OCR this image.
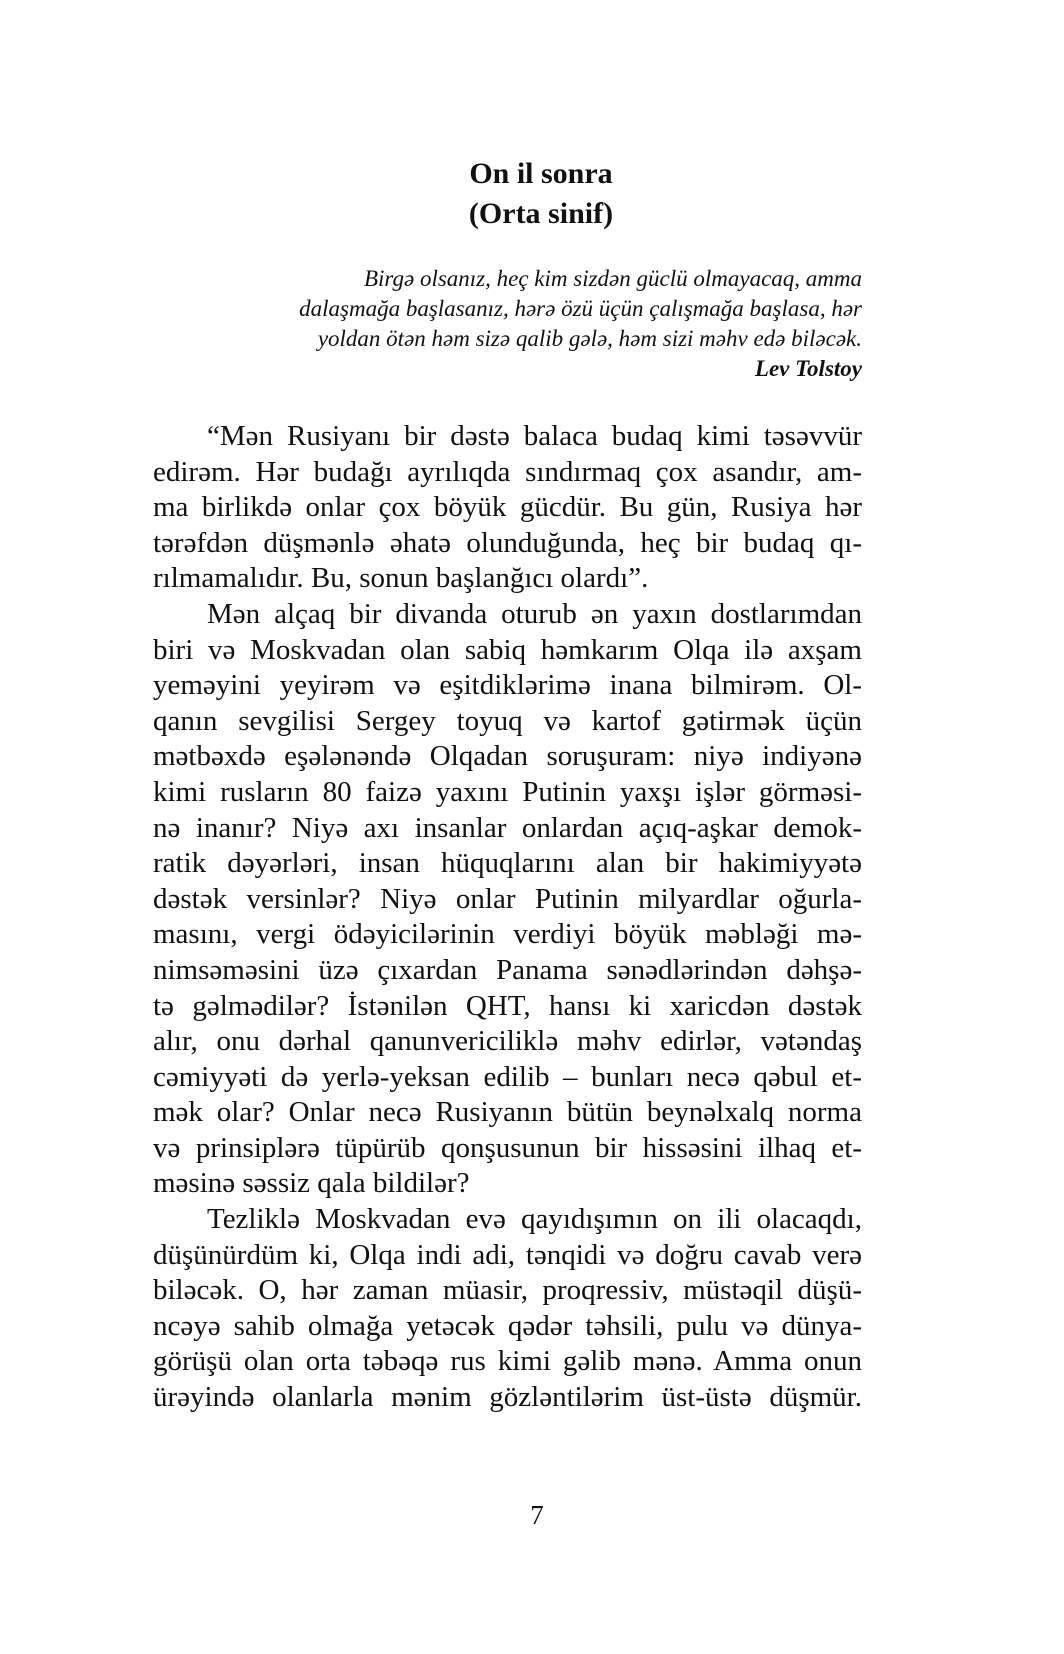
On il sonra
(Orta sinif)
Birgə olsanız, heç kim sizdən güclü olmayacaq, amma
dalaşmağa başlasanız, hərə özü üçün çalışmağa başlasa, hər
yoldan ötən həm sizə qalib gələ, həm sizi məhv edə biləcək.
Lev Tolstoy
“Mən Rusiyanı bir dəstə balaca budaq kimi təsəvvür
edirəm. Hər budağı ayrılıqda sındırmaq çox asandır, am-
ma birlikdə onlar çox böyük gücdür. Bu gün, Rusiya hər
tərəfdən düşmənlə əhatə olunduğunda, heç bir budaq qı-
rılmamalıdır. Bu, sonun başlanğıcı olardı”.
Mən alçaq bir divanda oturub ən yaxın dostlarımdan
biri və Moskvadan olan sabiq həmkarım Olqa ilə axşam
yeməyini yeyirəm və eşitdiklərimə inana bilmirəm. Ol-
qanın sevgilisi Sergey toyuq və kartof gətirmək üçün
mətbəxdə eşələnəndə Olqadan soruşuram: niyə indiyənə
kimi rusların 80 faizə yaxını Putinin yaxşı işlər görməsi-
nə inanır? Niyə axı insanlar onlardan açıq-aşkar demok-
ratik dəyərləri, insan hüquqlarını alan bir hakimiyyətə
dəstək versinlər? Niyə onlar Putinin milyardlar oğurla-
masını, vergi ödəyicilərinin verdiyi böyük məbləği mə-
nimsəməsini üzə çıxardan Panama sənədlərindən dəhşə-
tə gəlmədilər? İstənilən QHT, hansı ki xaricdən dəstək
alır, onu dərhal qanunvericiliklə məhv edirlər, vətəndaş
cəmiyyəti də yerlə-yeksan edilib – bunları necə qəbul et-
mək olar? Onlar necə Rusiyanın bütün beynəlxalq norma
və prinsiplərə tüpürüb qonşusunun bir hissəsini ilhaq et-
məsinə səssiz qala bildilər?
Tezliklə Moskvadan evə qayıdışımın on ili olacaqdı,
düşünürdüm ki, Olqa indi adi, tənqidi və doğru cavab verə
biləcək. O, hər zaman müasir, proqressiv, müstəqil düşü-
ncəyə sahib olmağa yetəcək qədər təhsili, pulu və dünya-
görüşü olan orta təbəqə rus kimi gəlib mənə. Amma onun
ürəyində olanlarla mənim gözləntilərim üst-üstə düşmür.
7
